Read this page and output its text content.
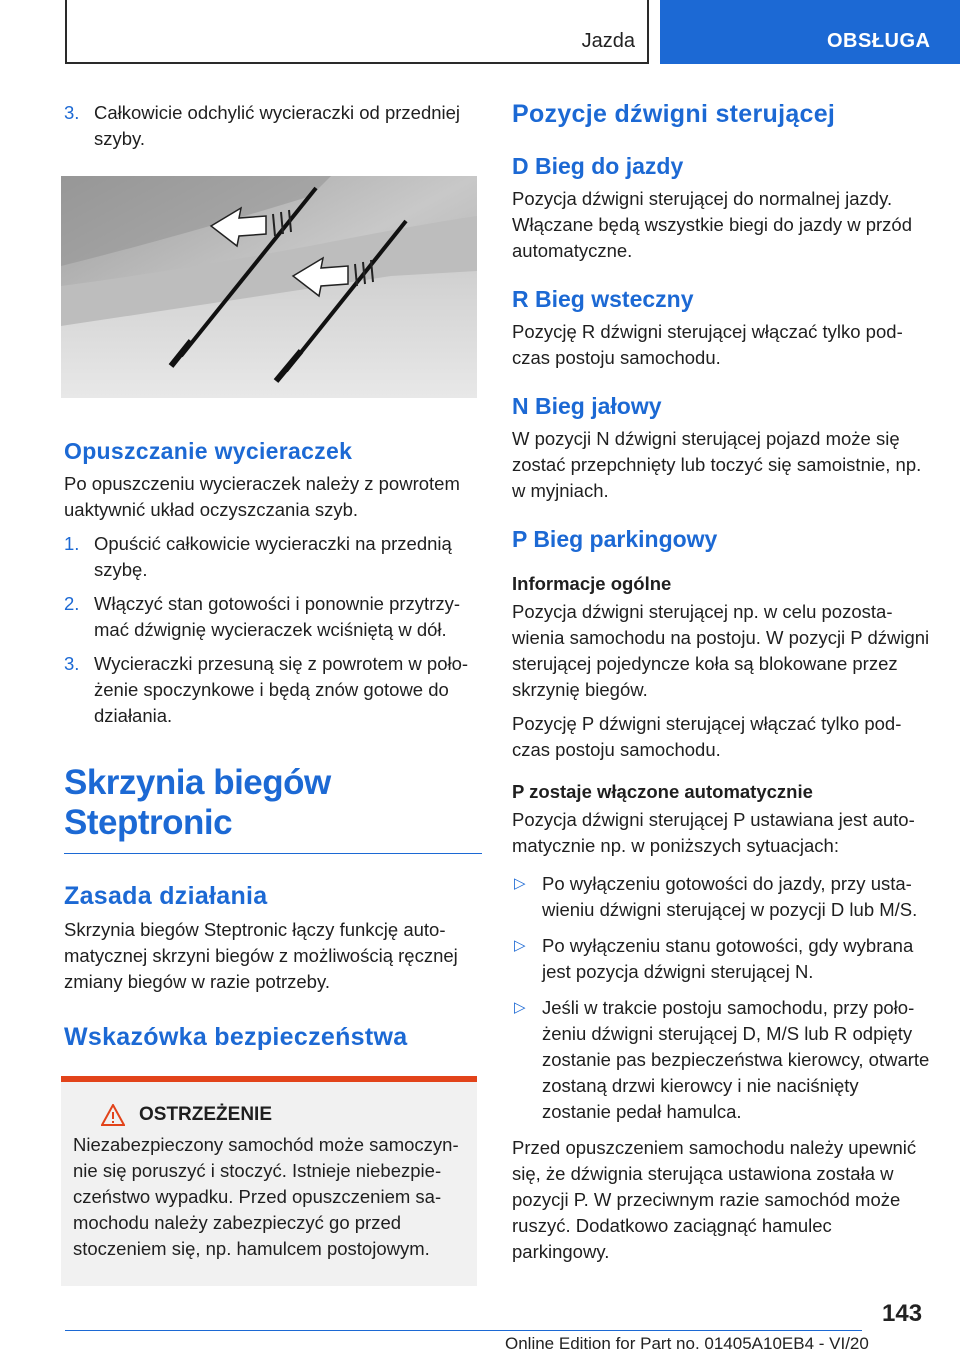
Jazda	OBSŁUGA
3. Całkowicie odchylić wycieraczki od przedniej szyby.
Opuszczanie wycieraczek

Po opuszczeniu wycieraczek należy z powrotem uaktywnić układ oczyszczania szyb.

1. Opuścić całkowicie wycieraczki na przednią szybę.
2. Włączyć stan gotowości i ponownie przytrzymać dźwignię wycieraczek wciśniętą w dół.
3. Wycieraczki przesuną się z powrotem w położenie spoczynkowe i będą znów gotowe do działania.
Skrzynia biegów Steptronic
Zasada działania

Skrzynia biegów Steptronic łączy funkcję automatycznej skrzyni biegów z możliwością ręcznej zmiany biegów w razie potrzeby.

Wskazówka bezpieczeństwa
OSTRZEŻENIE

Niezabezpieczony samochód może samoczynnie się poruszyć i stoczyć. Istnieje niebezpieczeństwo wypadku. Przed opuszczeniem samochodu należy zabezpieczyć go przed stoczeniem się, np. hamulcem postojowym.

Pozycje dźwigni sterującej
D Bieg do jazdy

Pozycja dźwigni sterującej do normalnej jazdy. Włączane będą wszystkie biegi do jazdy w przód automatyczne.

R Bieg wsteczny

Pozycję R dźwigni sterującej włączać tylko podczas postoju samochodu.

N Bieg jałowy

W pozycji N dźwigni sterującej pojazd może się zostać przepchnięty lub toczyć się samoistnie, np. w myjniach.

P Bieg parkingowy
Informacje ogólne

Pozycja dźwigni sterującej np. w celu pozostawienia samochodu na postoju. W pozycji P dźwigni sterującej pojedyncze koła są blokowane przez skrzynię biegów.

Pozycję P dźwigni sterującej włączać tylko podczas postoju samochodu.

P zostaje włączone automatycznie

Pozycja dźwigni sterującej P ustawiana jest automatycznie np. w poniższych sytuacjach:

▷ Po wyłączeniu gotowości do jazdy, przy ustawieniu dźwigni sterującej w pozycji D lub M/S.
▷ Po wyłączeniu stanu gotowości, gdy wybrana jest pozycja dźwigni sterującej N.
▷ Jeśli w trakcie postoju samochodu, przy położeniu dźwigni sterującej D, M/S lub R odpięty zostanie pas bezpieczeństwa kierowcy, otwarte zostaną drzwi kierowcy i nie naciśnięty zostanie pedał hamulca.

Przed opuszczeniem samochodu należy upewnić się, że dźwignia sterująca ustawiona została w pozycji P. W przeciwnym razie samochód może ruszyć. Dodatkowo zaciągnąć hamulec parkingowy.

143
Online Edition for Part no. 01405A10EB4 - VI/20
